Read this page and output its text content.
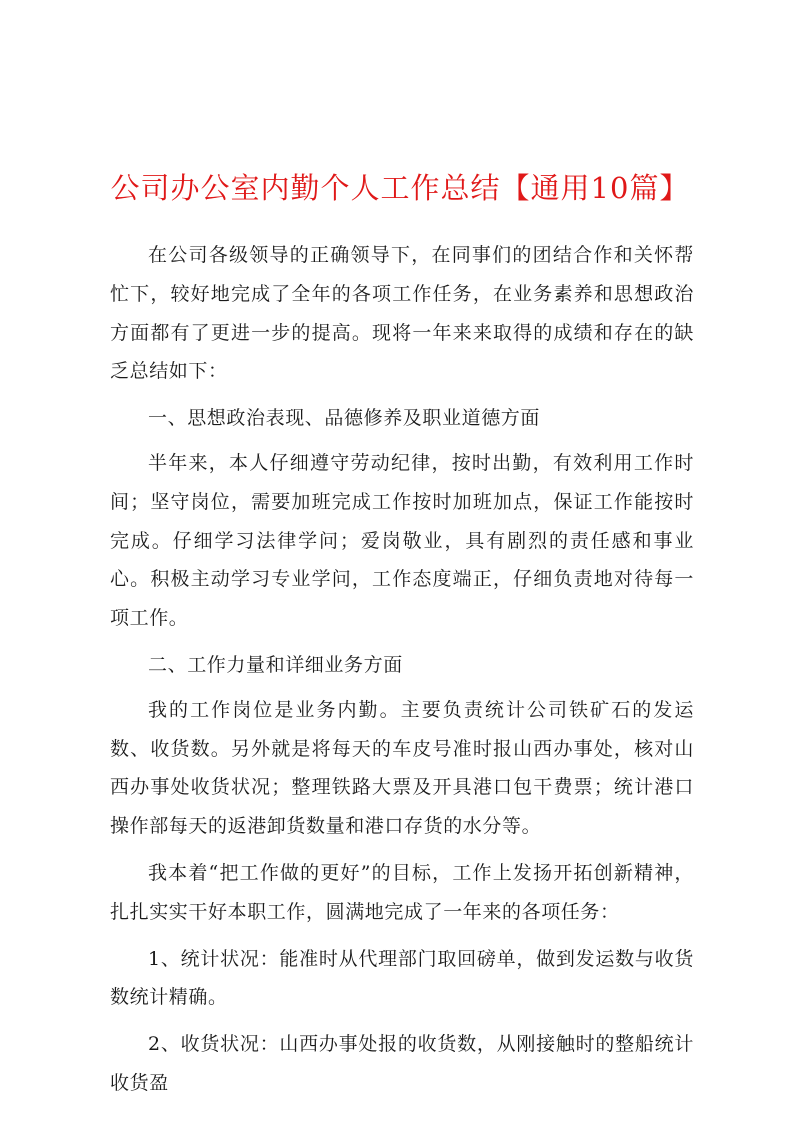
公司办公室内勤个人工作总结【通用10篇】

在公司各级领导的正确领导下，在同事们的团结合作和关怀帮忙下，较好地完成了全年的各项工作任务，在业务素养和思想政治方面都有了更进一步的提高。现将一年来来取得的成绩和存在的缺乏总结如下：

一、思想政治表现、品德修养及职业道德方面

半年来，本人仔细遵守劳动纪律，按时出勤，有效利用工作时间；坚守岗位，需要加班完成工作按时加班加点，保证工作能按时完成。仔细学习法律学问；爱岗敬业，具有剧烈的责任感和事业心。积极主动学习专业学问，工作态度端正，仔细负责地对待每一项工作。

二、工作力量和详细业务方面

我的工作岗位是业务内勤。主要负责统计公司铁矿石的发运数、收货数。另外就是将每天的车皮号准时报山西办事处，核对山西办事处收货状况；整理铁路大票及开具港口包干费票；统计港口操作部每天的返港卸货数量和港口存货的水分等。

我本着“把工作做的更好”的目标，工作上发扬开拓创新精神，扎扎实实干好本职工作，圆满地完成了一年来的各项任务：

1、统计状况：能准时从代理部门取回磅单，做到发运数与收货数统计精确。

2、收货状况：山西办事处报的收货数，从刚接触时的整船统计收货盈
